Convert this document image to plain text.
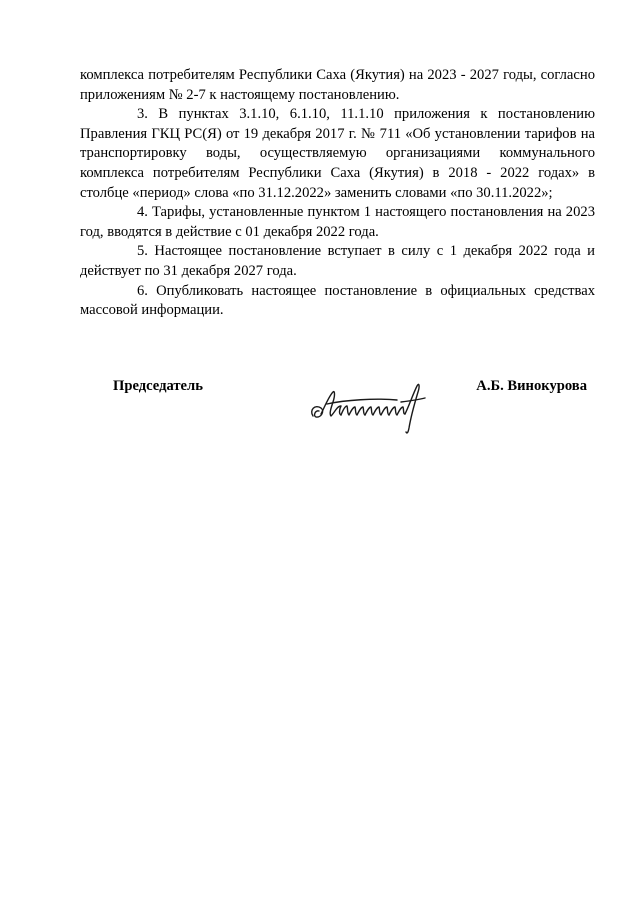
комплекса потребителям Республики Саха (Якутия) на 2023 - 2027 годы, согласно приложениям № 2-7 к настоящему постановлению.

3. В пунктах 3.1.10, 6.1.10, 11.1.10 приложения к постановлению Правления ГКЦ РС(Я) от 19 декабря 2017 г. № 711 «Об установлении тарифов на транспортировку воды, осуществляемую организациями коммунального комплекса потребителям Республики Саха (Якутия) в 2018 - 2022 годах» в столбце «период» слова «по 31.12.2022» заменить словами «по 30.11.2022»;

4. Тарифы, установленные пунктом 1 настоящего постановления на 2023 год, вводятся в действие с 01 декабря 2022 года.

5. Настоящее постановление вступает в силу с 1 декабря 2022 года и действует по 31 декабря 2027 года.

6. Опубликовать настоящее постановление в официальных средствах массовой информации.

Председатель	А.Б. Винокурова
